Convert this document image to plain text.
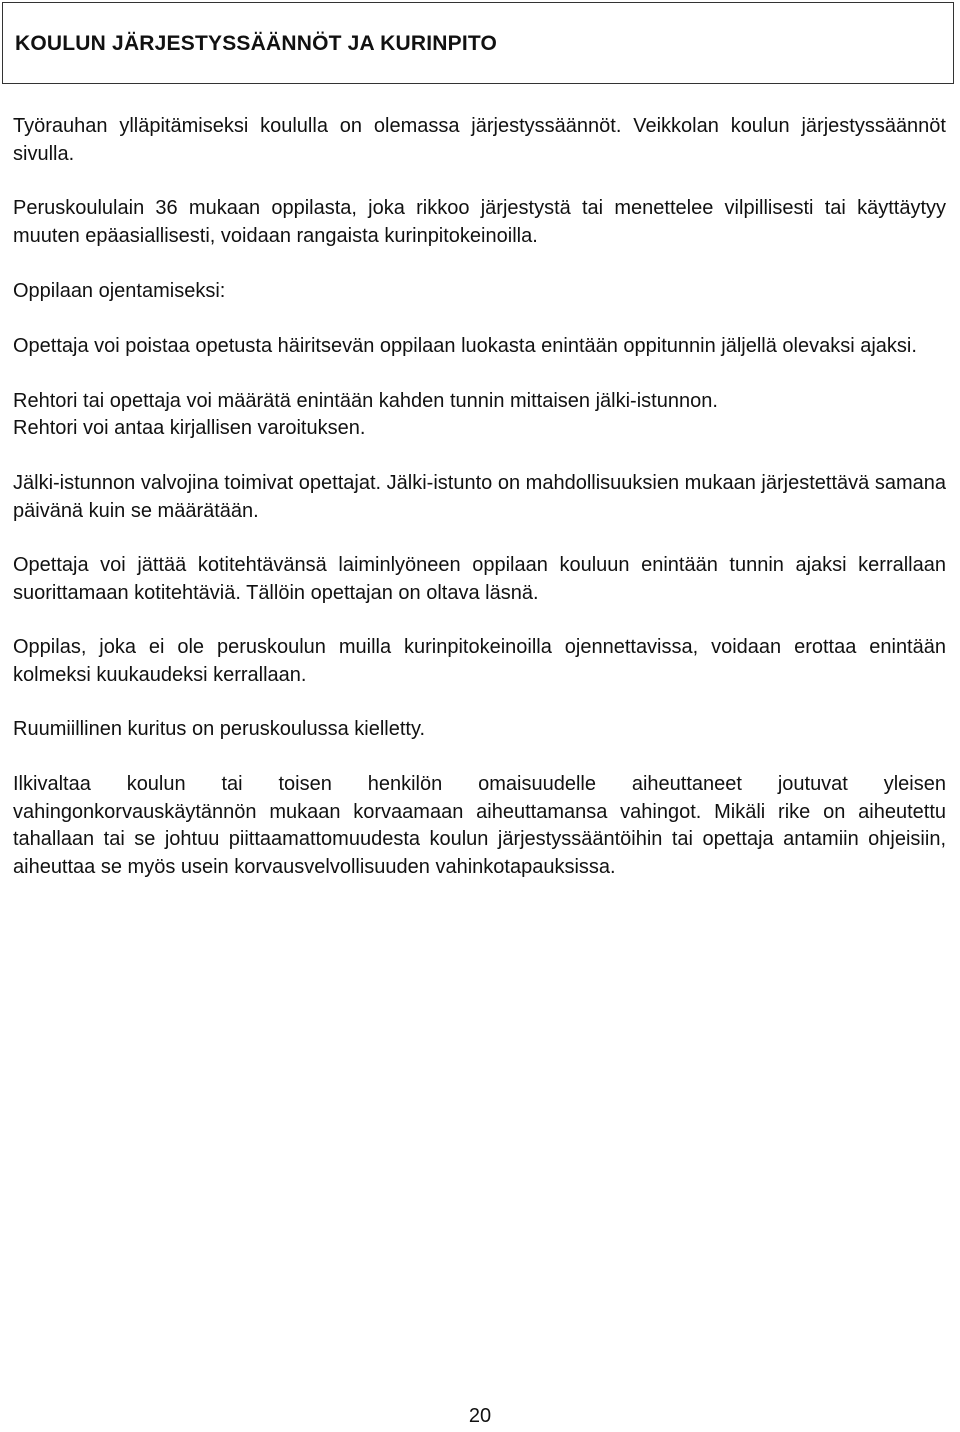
KOULUN JÄRJESTYSSÄÄNNÖT JA KURINPITO

Työrauhan ylläpitämiseksi koululla on olemassa järjestyssäännöt. Veikkolan koulun järjestyssäännöt sivulla.

Peruskoululain 36 mukaan oppilasta, joka rikkoo järjestystä tai menettelee vilpillisesti tai käyttäytyy muuten epäasiallisesti, voidaan rangaista kurinpitokeinoilla.

Oppilaan ojentamiseksi:

Opettaja voi poistaa opetusta häiritsevän oppilaan luokasta enintään oppitunnin jäljellä olevaksi ajaksi.

Rehtori tai opettaja voi määrätä enintään kahden tunnin mittaisen jälki-istunnon.

Rehtori voi antaa kirjallisen varoituksen.

Jälki-istunnon valvojina toimivat opettajat. Jälki-istunto on mahdollisuuksien mukaan järjestettävä samana päivänä kuin se määrätään.

Opettaja voi jättää kotitehtävänsä laiminlyöneen oppilaan kouluun enintään tunnin ajaksi kerrallaan suorittamaan kotitehtäviä. Tällöin opettajan on oltava läsnä.

Oppilas, joka ei ole peruskoulun muilla kurinpitokeinoilla ojennettavissa, voidaan erottaa enintään kolmeksi kuukaudeksi kerrallaan.

Ruumiillinen kuritus on peruskoulussa kielletty.

Ilkivaltaa koulun tai toisen henkilön omaisuudelle aiheuttaneet joutuvat yleisen vahingonkorvauskäytännön mukaan korvaamaan aiheuttamansa vahingot. Mikäli rike on aiheutettu tahallaan tai se johtuu piittaamattomuudesta koulun järjestyssääntöihin tai opettaja antamiin ohjeisiin, aiheuttaa se myös usein korvausvelvollisuuden vahinkotapauksissa.

20
